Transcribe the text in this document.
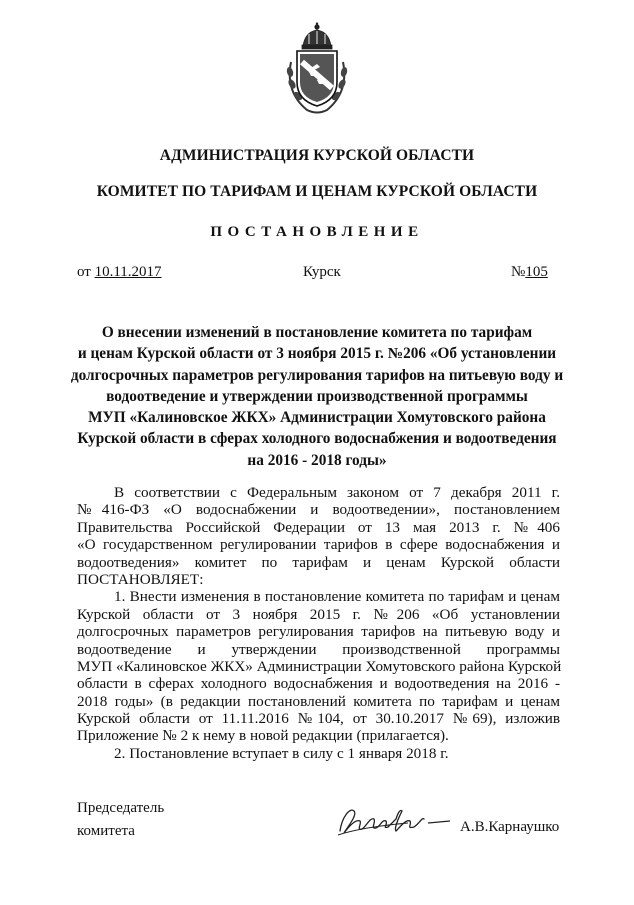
АДМИНИСТРАЦИЯ КУРСКОЙ ОБЛАСТИ
КОМИТЕТ ПО ТАРИФАМ И ЦЕНАМ КУРСКОЙ ОБЛАСТИ
ПОСТАНОВЛЕНИЕ
от 10.11.2017	Курск	№105
О внесении изменений в постановление комитета по тарифам
и ценам Курской области от 3 ноября 2015 г. №206 «Об установлении
долгосрочных параметров регулирования тарифов на питьевую воду и
водоотведение и утверждении производственной программы
МУП «Калиновское ЖКХ» Администрации Хомутовского района
Курской области в сферах холодного водоснабжения и водоотведения
на 2016 - 2018 годы»
В соответствии с Федеральным законом от 7 декабря 2011 г.
№416-ФЗ «О водоснабжении и водоотведении», постановлением
Правительства Российской Федерации от 13 мая 2013 г. №406
«О государственном регулировании тарифов в сфере водоснабжения и
водоотведения» комитет по тарифам и ценам Курской области
ПОСТАНОВЛЯЕТ:
1. Внести изменения в постановление комитета по тарифам и ценам
Курской области от 3 ноября 2015 г. №206 «Об установлении
долгосрочных параметров регулирования тарифов на питьевую воду и
водоотведение и утверждении производственной программы
МУП «Калиновское ЖКХ» Администрации Хомутовского района Курской
области в сферах холодного водоснабжения и водоотведения на 2016 -
2018 годы» (в редакции постановлений комитета по тарифам и ценам
Курской области от 11.11.2016 №104, от 30.10.2017 №69), изложив
Приложение № 2 к нему в новой редакции (прилагается).
2. Постановление вступает в силу с 1 января 2018 г.
Председатель
комитета	А.В.Карнаушко
